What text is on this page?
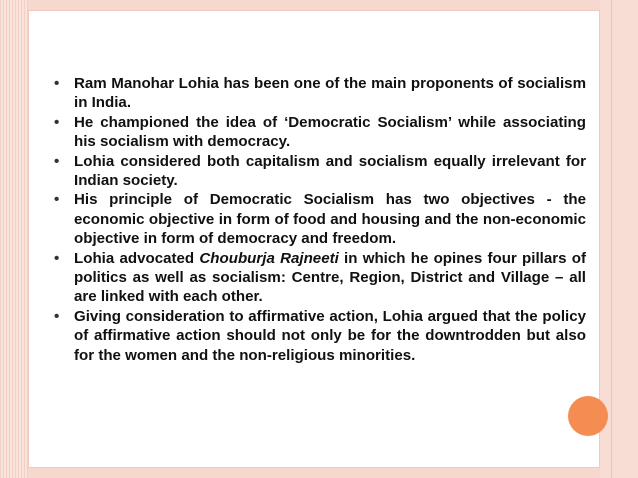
• Ram Manohar Lohia has been one of the main proponents of socialism in India.
• He championed the idea of ‘Democratic Socialism’ while associating his socialism with democracy.
• Lohia considered both capitalism and socialism equally irrelevant for Indian society.
• His principle of Democratic Socialism has two objectives - the economic objective in form of food and housing and the non-economic objective in form of democracy and freedom.
• Lohia advocated Chouburja Rajneeti in which he opines four pillars of politics as well as socialism: Centre, Region, District and Village – all are linked with each other.
• Giving consideration to affirmative action, Lohia argued that the policy of affirmative action should not only be for the downtrodden but also for the women and the non-religious minorities.
